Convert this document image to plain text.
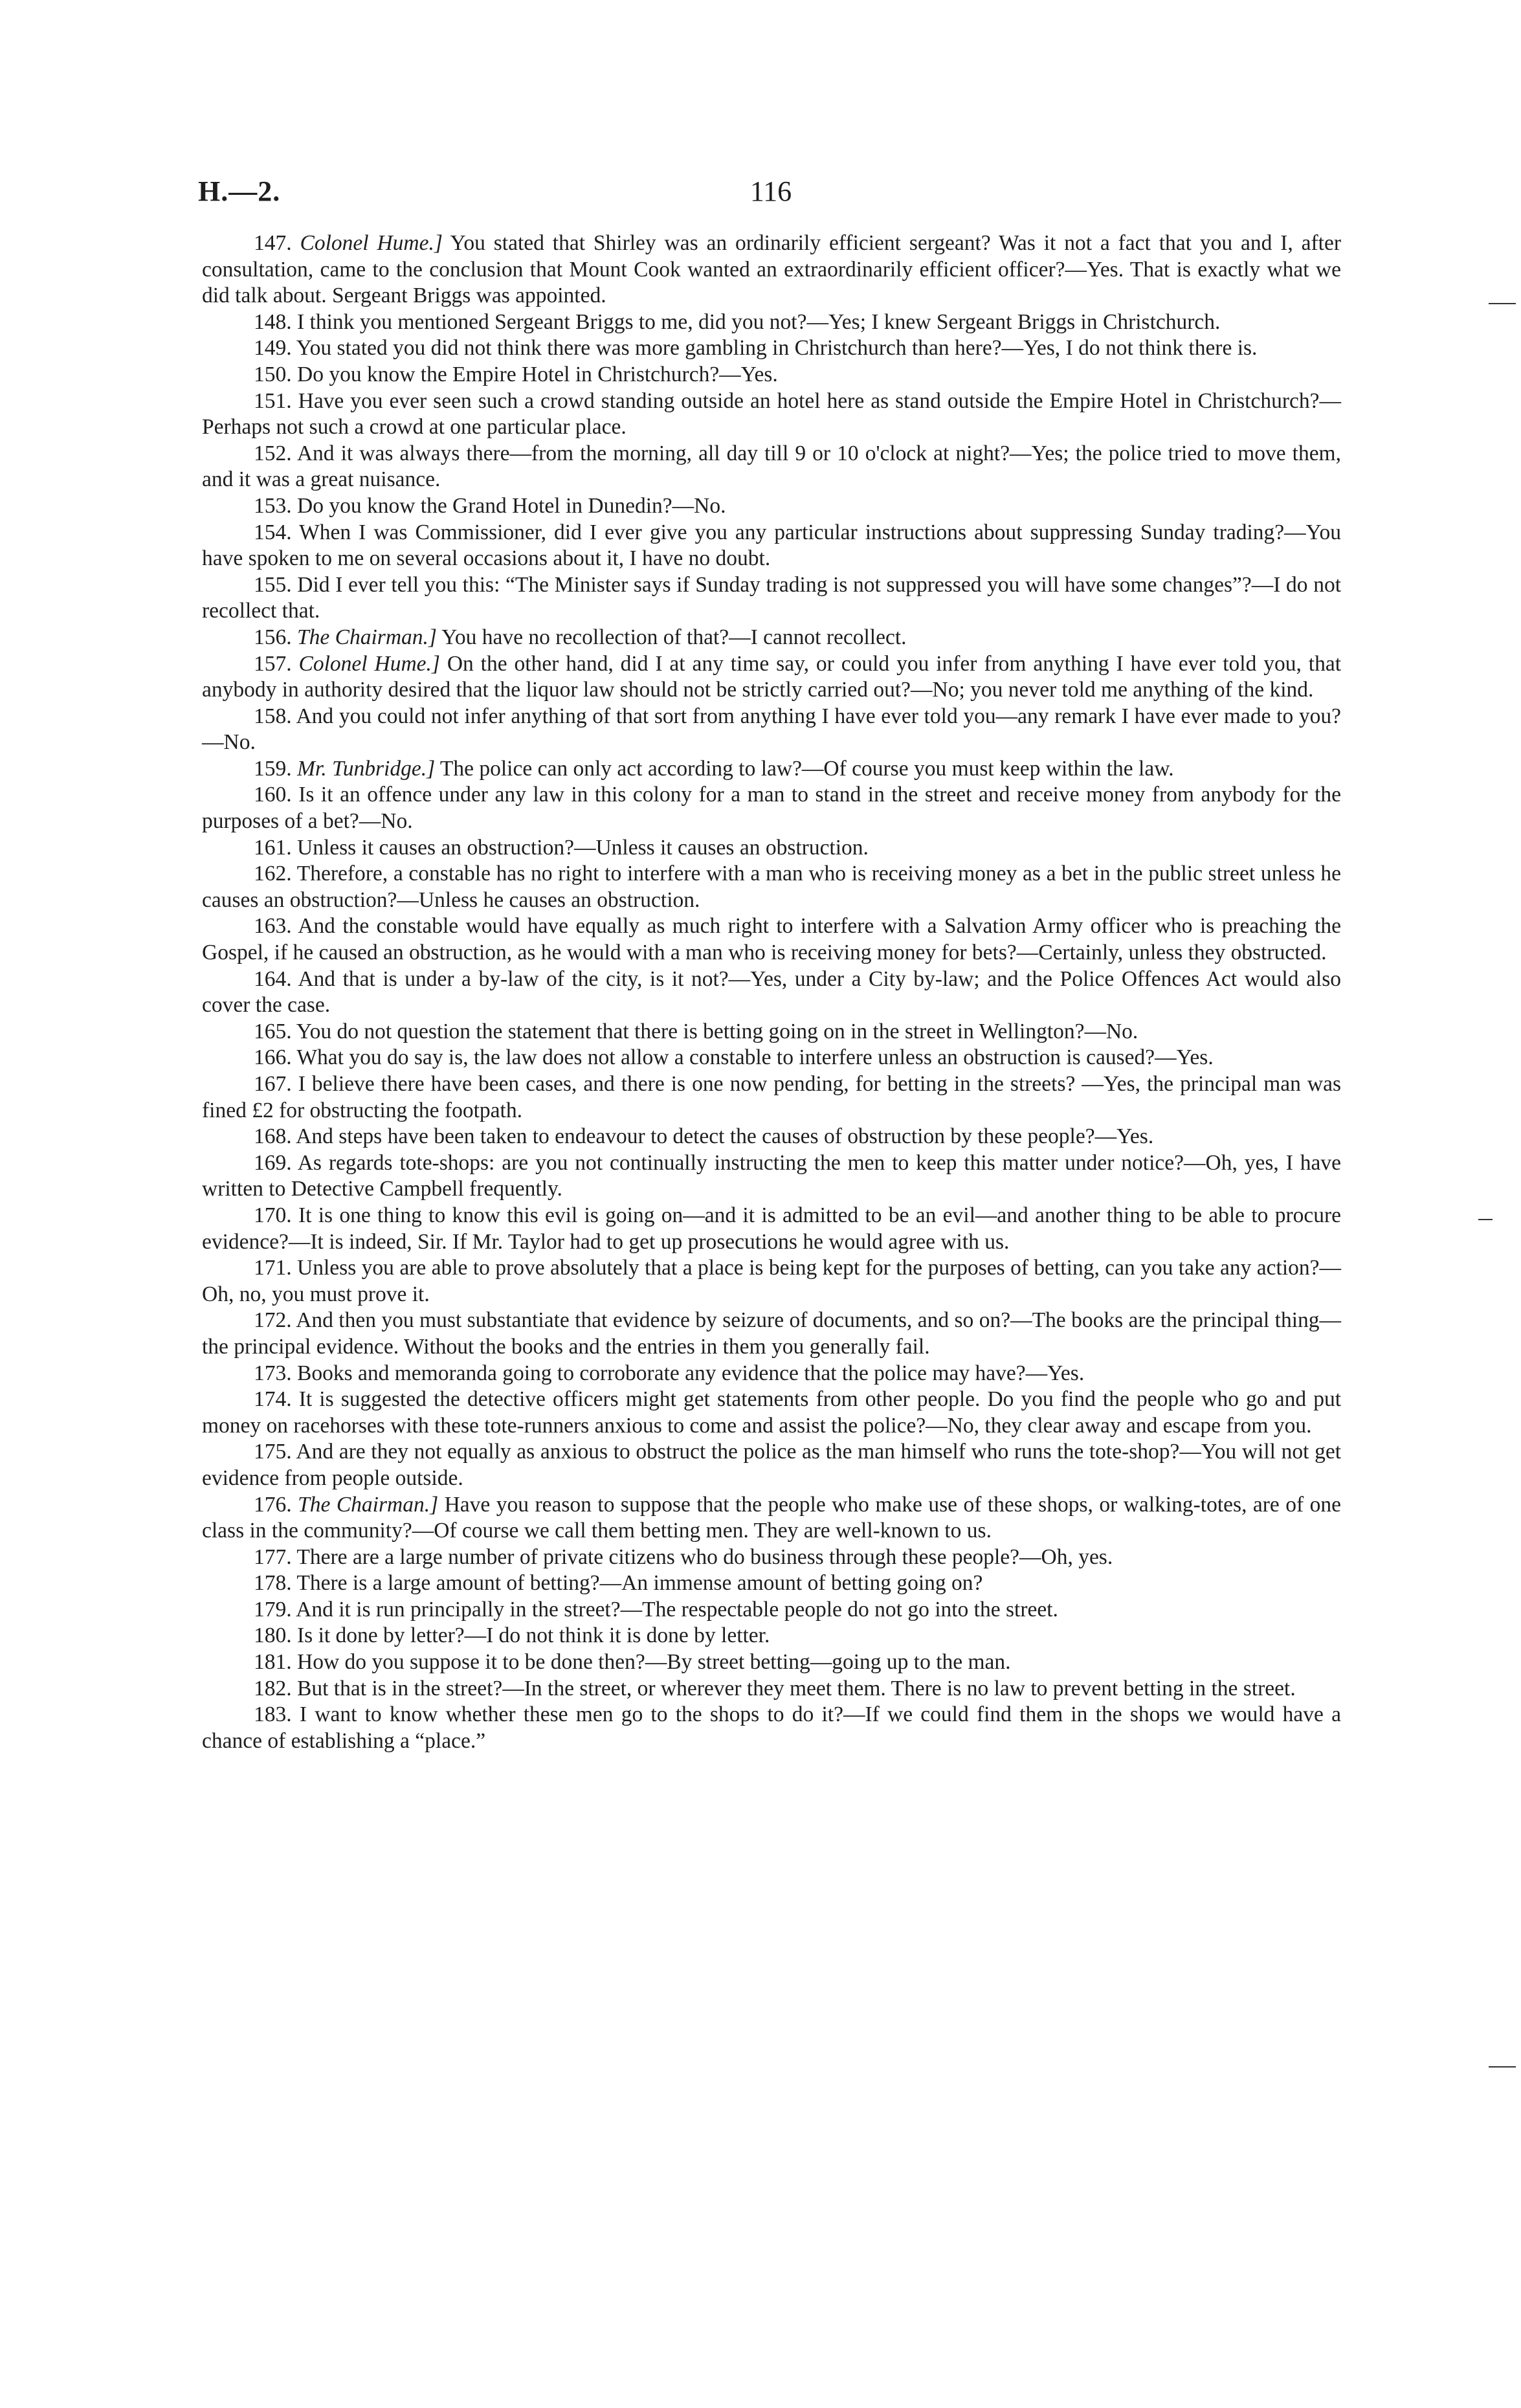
H.—2.	116

147. Colonel Hume.] You stated that Shirley was an ordinarily efficient sergeant? Was it not a fact that you and I, after consultation, came to the conclusion that Mount Cook wanted an extraordinarily efficient officer?—Yes. That is exactly what we did talk about. Sergeant Briggs was appointed.

148. I think you mentioned Sergeant Briggs to me, did you not?—Yes; I knew Sergeant Briggs in Christchurch.

149. You stated you did not think there was more gambling in Christchurch than here?—Yes, I do not think there is.

150. Do you know the Empire Hotel in Christchurch?—Yes.

151. Have you ever seen such a crowd standing outside an hotel here as stand outside the Empire Hotel in Christchurch?—Perhaps not such a crowd at one particular place.

152. And it was always there—from the morning, all day till 9 or 10 o'clock at night?—Yes; the police tried to move them, and it was a great nuisance.

153. Do you know the Grand Hotel in Dunedin?—No.

154. When I was Commissioner, did I ever give you any particular instructions about suppressing Sunday trading?—You have spoken to me on several occasions about it, I have no doubt.

155. Did I ever tell you this: “The Minister says if Sunday trading is not suppressed you will have some changes”?—I do not recollect that.

156. The Chairman.] You have no recollection of that?—I cannot recollect.

157. Colonel Hume.] On the other hand, did I at any time say, or could you infer from anything I have ever told you, that anybody in authority desired that the liquor law should not be strictly carried out?—No; you never told me anything of the kind.

158. And you could not infer anything of that sort from anything I have ever told you—any remark I have ever made to you?—No.

159. Mr. Tunbridge.] The police can only act according to law?—Of course you must keep within the law.

160. Is it an offence under any law in this colony for a man to stand in the street and receive money from anybody for the purposes of a bet?—No.

161. Unless it causes an obstruction?—Unless it causes an obstruction.

162. Therefore, a constable has no right to interfere with a man who is receiving money as a bet in the public street unless he causes an obstruction?—Unless he causes an obstruction.

163. And the constable would have equally as much right to interfere with a Salvation Army officer who is preaching the Gospel, if he caused an obstruction, as he would with a man who is receiving money for bets?—Certainly, unless they obstructed.

164. And that is under a by-law of the city, is it not?—Yes, under a City by-law; and the Police Offences Act would also cover the case.

165. You do not question the statement that there is betting going on in the street in Wellington?—No.

166. What you do say is, the law does not allow a constable to interfere unless an obstruction is caused?—Yes.

167. I believe there have been cases, and there is one now pending, for betting in the streets? —Yes, the principal man was fined £2 for obstructing the footpath.

168. And steps have been taken to endeavour to detect the causes of obstruction by these people?—Yes.

169. As regards tote-shops: are you not continually instructing the men to keep this matter under notice?—Oh, yes, I have written to Detective Campbell frequently.

170. It is one thing to know this evil is going on—and it is admitted to be an evil—and another thing to be able to procure evidence?—It is indeed, Sir. If Mr. Taylor had to get up prosecutions he would agree with us.

171. Unless you are able to prove absolutely that a place is being kept for the purposes of betting, can you take any action?—Oh, no, you must prove it.

172. And then you must substantiate that evidence by seizure of documents, and so on?—The books are the principal thing—the principal evidence. Without the books and the entries in them you generally fail.

173. Books and memoranda going to corroborate any evidence that the police may have?—Yes.

174. It is suggested the detective officers might get statements from other people. Do you find the people who go and put money on racehorses with these tote-runners anxious to come and assist the police?—No, they clear away and escape from you.

175. And are they not equally as anxious to obstruct the police as the man himself who runs the tote-shop?—You will not get evidence from people outside.

176. The Chairman.] Have you reason to suppose that the people who make use of these shops, or walking-totes, are of one class in the community?—Of course we call them betting men. They are well-known to us.

177. There are a large number of private citizens who do business through these people?—Oh, yes.

178. There is a large amount of betting?—An immense amount of betting going on?

179. And it is run principally in the street?—The respectable people do not go into the street.

180. Is it done by letter?—I do not think it is done by letter.

181. How do you suppose it to be done then?—By street betting—going up to the man.

182. But that is in the street?—In the street, or wherever they meet them. There is no law to prevent betting in the street.

183. I want to know whether these men go to the shops to do it?—If we could find them in the shops we would have a chance of establishing a “place.”
